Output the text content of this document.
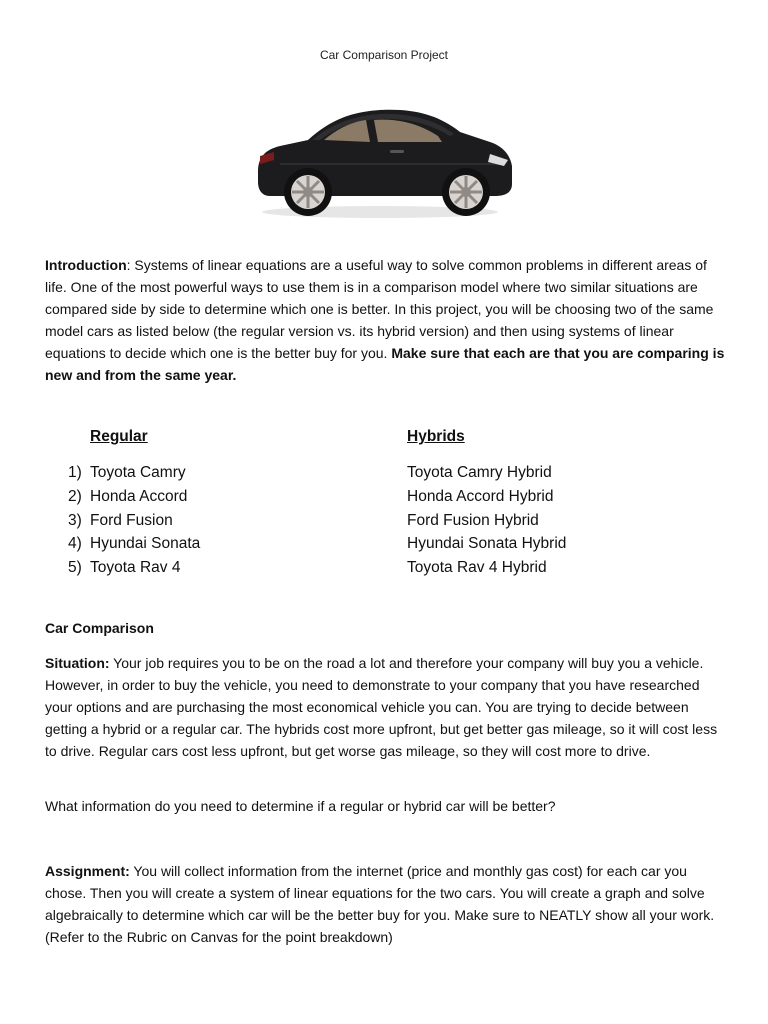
Car Comparison Project
Introduction: Systems of linear equations are a useful way to solve common problems in different areas of life. One of the most powerful ways to use them is in a comparison model where two similar situations are compared side by side to determine which one is better. In this project, you will be choosing two of the same model cars as listed below (the regular version vs. its hybrid version) and then using systems of linear equations to decide which one is the better buy for you. Make sure that each are that you are comparing is new and from the same year.
Regular	Hybrids
1) Toyota Camry
2) Honda Accord
3) Ford Fusion
4) Hyundai Sonata
5) Toyota Rav 4
Toyota Camry Hybrid
Honda Accord Hybrid
Ford Fusion Hybrid
Hyundai Sonata Hybrid
Toyota Rav 4 Hybrid
Car Comparison
Situation: Your job requires you to be on the road a lot and therefore your company will buy you a vehicle. However, in order to buy the vehicle, you need to demonstrate to your company that you have researched your options and are purchasing the most economical vehicle you can. You are trying to decide between getting a hybrid or a regular car. The hybrids cost more upfront, but get better gas mileage, so it will cost less to drive. Regular cars cost less upfront, but get worse gas mileage, so they will cost more to drive.
What information do you need to determine if a regular or hybrid car will be better?
Assignment: You will collect information from the internet (price and monthly gas cost) for each car you chose. Then you will create a system of linear equations for the two cars. You will create a graph and solve algebraically to determine which car will be the better buy for you. Make sure to NEATLY show all your work. (Refer to the Rubric on Canvas for the point breakdown)
